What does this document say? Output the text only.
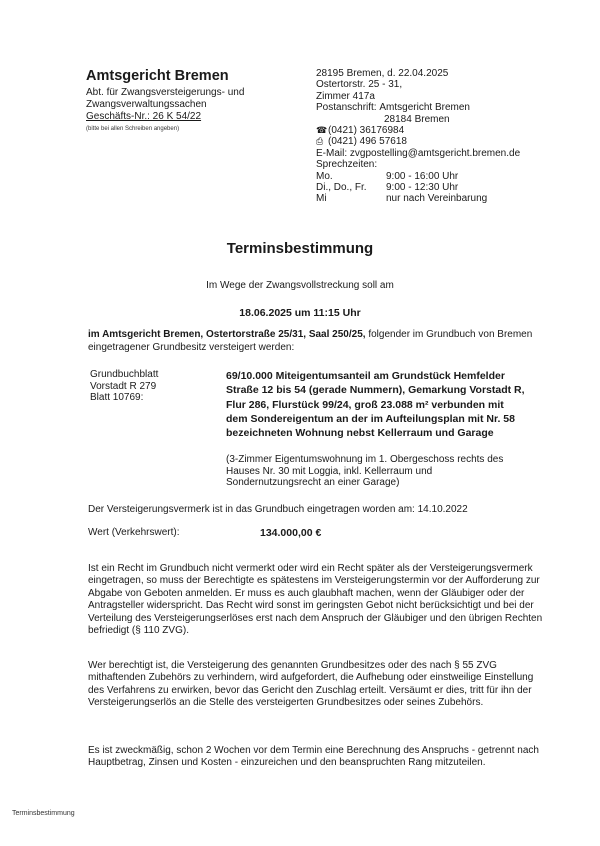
Amtsgericht Bremen
Abt. für Zwangsversteigerungs- und
Zwangsverwaltungssachen
Geschäfts-Nr.: 26 K 54/22
(bitte bei allen Schreiben angeben)
28195 Bremen, d. 22.04.2025
Ostertorstr. 25 - 31,
Zimmer 417a
Postanschrift:
Amtsgericht Bremen
28184 Bremen
☎ (0421) 36176984
⎙ (0421) 496 57618
E-Mail: zvgpostelling@amtsgericht.bremen.de
Sprechzeiten:
Mo.	9:00 - 16:00 Uhr
Di., Do., Fr.	9:00 - 12:30 Uhr
Mi	nur nach Vereinbarung
Terminsbestimmung
Im Wege der Zwangsvollstreckung soll am
18.06.2025 um 11:15 Uhr
im Amtsgericht Bremen, Ostertorstraße 25/31, Saal 250/25, folgender im Grundbuch von Bremen eingetragener Grundbesitz versteigert werden:
Grundbuchblatt
Vorstadt R 279
Blatt 10769:
69/10.000 Miteigentumsanteil am Grundstück Hemfelder Straße 12 bis 54 (gerade Nummern), Gemarkung Vorstadt R, Flur 286, Flurstück 99/24, groß 23.088 m² verbunden mit dem Sondereigentum an der im Aufteilungsplan mit Nr. 58 bezeichneten Wohnung nebst Kellerraum und Garage
(3-Zimmer Eigentumswohnung im 1. Obergeschoss rechts des Hauses Nr. 30 mit Loggia, inkl. Kellerraum und Sondernutzungsrecht an einer Garage)
Der Versteigerungsvermerk ist in das Grundbuch eingetragen worden am: 14.10.2022
Wert (Verkehrswert):	134.000,00 €
Ist ein Recht im Grundbuch nicht vermerkt oder wird ein Recht später als der Versteigerungsvermerk eingetragen, so muss der Berechtigte es spätestens im Versteigerungstermin vor der Aufforderung zur Abgabe von Geboten anmelden. Er muss es auch glaubhaft machen, wenn der Gläubiger oder der Antragsteller widerspricht. Das Recht wird sonst im geringsten Gebot nicht berücksichtigt und bei der Verteilung des Versteigerungserlöses erst nach dem Anspruch der Gläubiger und den übrigen Rechten befriedigt (§ 110 ZVG).
Wer berechtigt ist, die Versteigerung des genannten Grundbesitzes oder des nach § 55 ZVG mithaftenden Zubehörs zu verhindern, wird aufgefordert, die Aufhebung oder einstweilige Einstellung des Verfahrens zu erwirken, bevor das Gericht den Zuschlag erteilt. Versäumt er dies, tritt für ihn der Versteigerungserlös an die Stelle des versteigerten Grundbesitzes oder seines Zubehörs.
Es ist zweckmäßig, schon 2 Wochen vor dem Termin eine Berechnung des Anspruchs - getrennt nach Hauptbetrag, Zinsen und Kosten - einzureichen und den beanspruchten Rang mitzuteilen.
Terminsbestimmung
